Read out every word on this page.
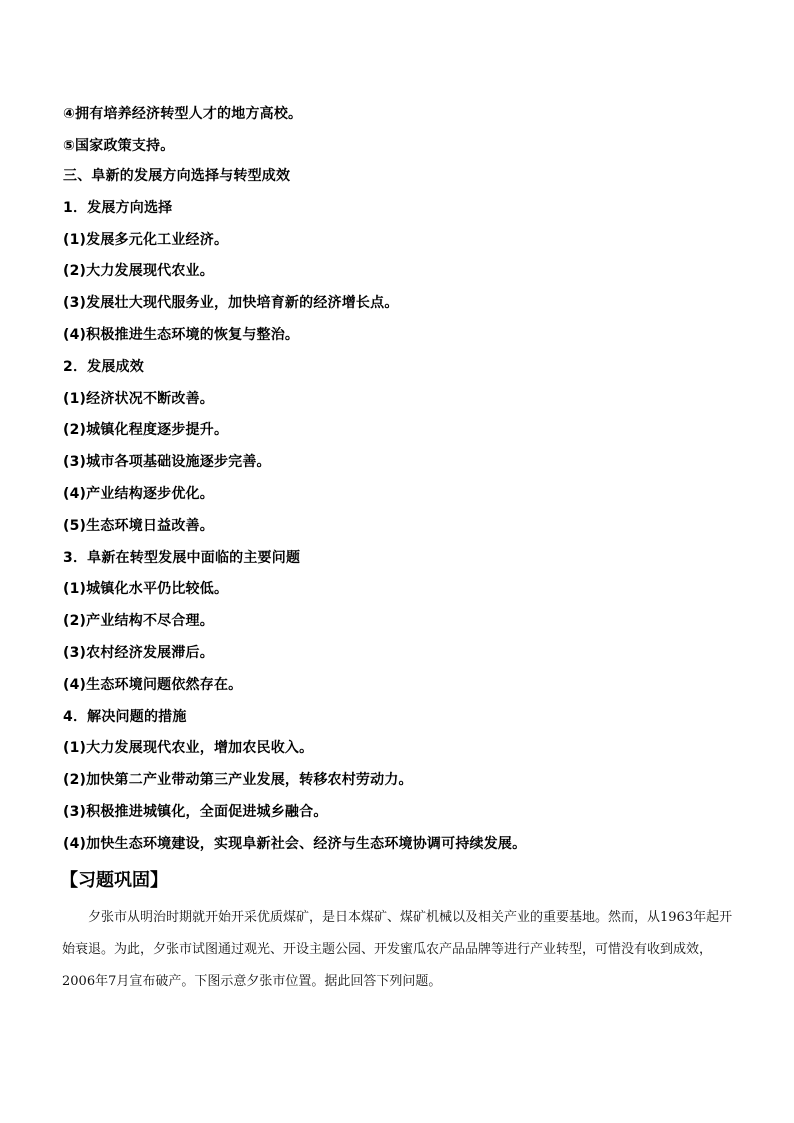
④拥有培养经济转型人才的地方高校。
⑤国家政策支持。
三、阜新的发展方向选择与转型成效
1．发展方向选择
(1)发展多元化工业经济。
(2)大力发展现代农业。
(3)发展壮大现代服务业，加快培育新的经济增长点。
(4)积极推进生态环境的恢复与整治。
2．发展成效
(1)经济状况不断改善。
(2)城镇化程度逐步提升。
(3)城市各项基础设施逐步完善。
(4)产业结构逐步优化。
(5)生态环境日益改善。
3．阜新在转型发展中面临的主要问题
(1)城镇化水平仍比较低。
(2)产业结构不尽合理。
(3)农村经济发展滞后。
(4)生态环境问题依然存在。
4．解决问题的措施
(1)大力发展现代农业，增加农民收入。
(2)加快第二产业带动第三产业发展，转移农村劳动力。
(3)积极推进城镇化，全面促进城乡融合。
(4)加快生态环境建设，实现阜新社会、经济与生态环境协调可持续发展。
【习题巩固】
夕张市从明治时期就开始开采优质煤矿，是日本煤矿、煤矿机械以及相关产业的重要基地。然而，从1963年起开始衰退。为此，夕张市试图通过观光、开设主题公园、开发蜜瓜农产品品牌等进行产业转型，可惜没有收到成效，2006年7月宣布破产。下图示意夕张市位置。据此回答下列问题。
